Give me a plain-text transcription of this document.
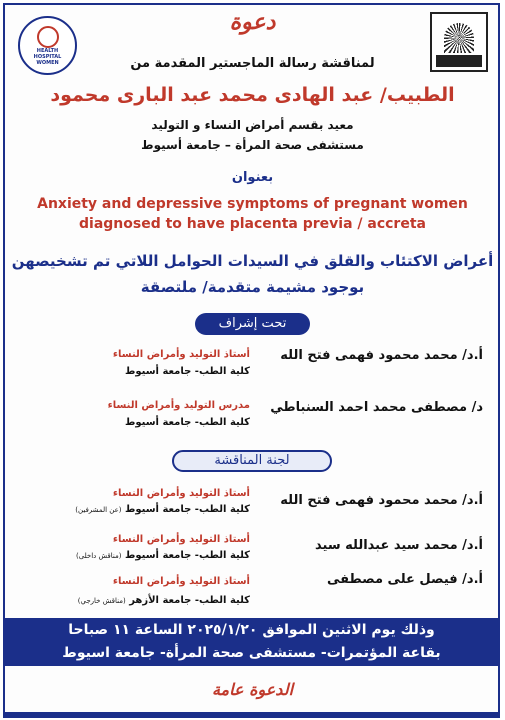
HEALTH
HOSPITAL
WOMEN
دعوة
لمناقشة رسالة الماجستير المقدمة من
الطبيب/ عبد الهادى محمد عبد البارى محمود
معيد بقسم أمراض النساء و التوليد
مستشفى صحة المرأة – جامعة أسيوط
بعنوان
Anxiety and depressive symptoms of pregnant women
diagnosed to have placenta previa / accreta
أعراض الاكتئاب والقلق في السيدات الحوامل اللاتي تم تشخيصهن
بوجود مشيمة متقدمة/ ملتصقة
تحت إشراف
أ.د/ محمد محمود فهمى فتح الله
أستاذ التوليد وأمراض النساء
كلية الطب- جامعة أسيوط
د/ مصطفى محمد احمد السنباطي
مدرس التوليد وأمراض النساء
كلية الطب- جامعة أسيوط
لجنة المناقشة
أ.د/ محمد محمود فهمى فتح الله
أستاذ التوليد وأمراض النساء
كلية الطب- جامعة أسيوط (عن المشرفين)
أ.د/ محمد سيد عبدالله سيد
أستاذ التوليد وأمراض النساء
كلية الطب- جامعة أسيوط (مناقش داخلى)
أ.د/ فيصل على مصطفى
أستاذ التوليد وأمراض النساء
كلية الطب- جامعة الأزهر (مناقش خارجي)
وذلك يوم الاثنين الموافق ٢٠٢٥/١/٢٠ الساعة ١١ صباحا
بقاعة المؤتمرات- مستشفى صحة المرأة- جامعة اسيوط
الدعوة عامة
